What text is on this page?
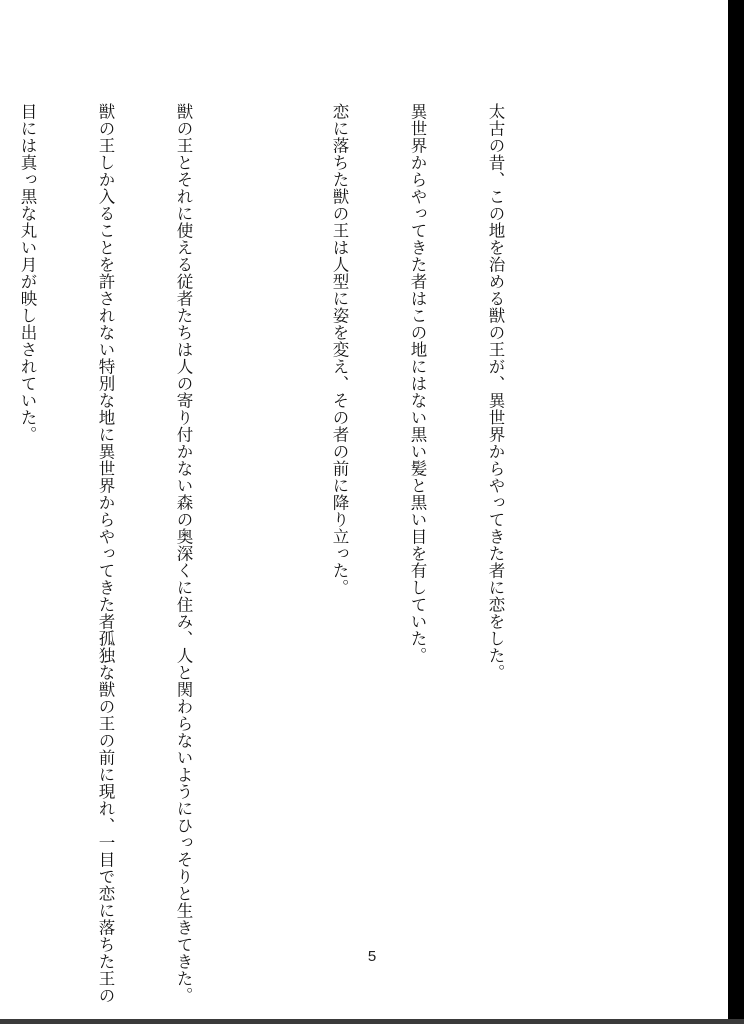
太古の昔、この地を治める獣の王が、異世界からやってきた者に恋をした。

異世界からやってきた者はこの地にはない黒い髪と黒い目を有していた。

恋に落ちた獣の王は人型に姿を変え、その者の前に降り立った。

獣の王とそれに使える従者たちは人の寄り付かない森の奥深くに住み、人と関わらないようにひっそりと生きてきた。

獣の王しか入ることを許されない特別な地に異世界からやってきた者孤独な獣の王の前に現れ、一目で恋に落ちた王の

目には真っ黒な丸い月が映し出されていた。

5
